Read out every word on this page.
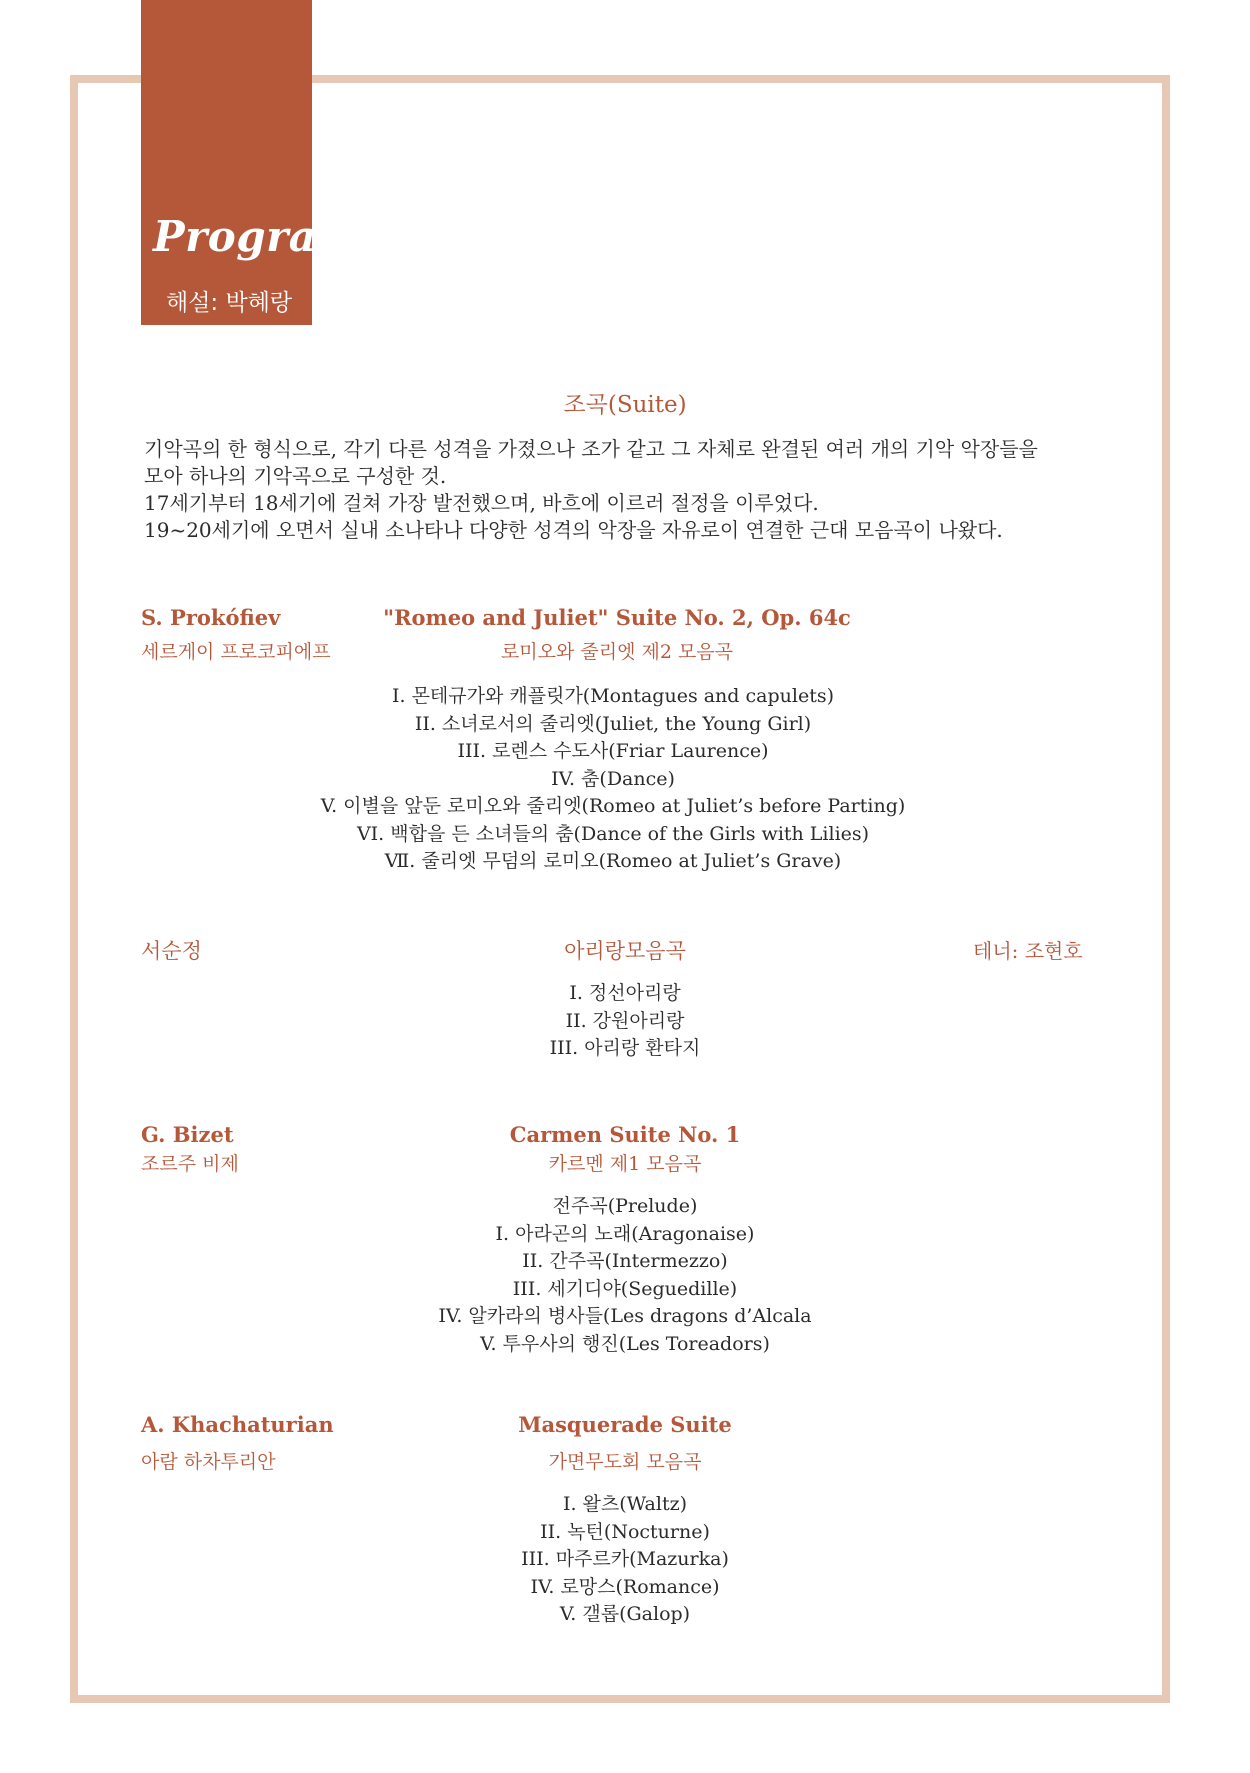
Program
해설: 박혜랑
조곡(Suite)

기악곡의 한 형식으로, 각기 다른 성격을 가졌으나 조가 같고 그 자체로 완결된 여러 개의 기악 악장들을

모아 하나의 기악곡으로 구성한 것.

17세기부터 18세기에 걸쳐 가장 발전했으며, 바흐에 이르러 절정을 이루었다.

19~20세기에 오면서 실내 소나타나 다양한 성격의 악장을 자유로이 연결한 근대 모음곡이 나왔다.

S. Prokófiev
세르게이 프로코피에프
"Romeo and Juliet" Suite No. 2, Op. 64c
로미오와 줄리엣 제2 모음곡
I. 몬테규가와 캐플릿가(Montagues and capulets)
II. 소녀로서의 줄리엣(Juliet, the Young Girl)
III. 로렌스 수도사(Friar Laurence)
IV. 춤(Dance)
V. 이별을 앞둔 로미오와 줄리엣(Romeo at Juliet’s before Parting)
VI. 백합을 든 소녀들의 춤(Dance of the Girls with Lilies)
Ⅶ. 줄리엣 무덤의 로미오(Romeo at Juliet’s Grave)
서순정	아리랑모음곡	테너: 조현호
I. 정선아리랑
II. 강원아리랑
III. 아리랑 환타지
G. Bizet
조르주 비제
Carmen Suite No. 1
카르멘 제1 모음곡
전주곡(Prelude)
I. 아라곤의 노래(Aragonaise)
II. 간주곡(Intermezzo)
III. 세기디야(Seguedille)
IV. 알카라의 병사들(Les dragons d’Alcala
V. 투우사의 행진(Les Toreadors)
A. Khachaturian
아람 하차투리안
Masquerade Suite
가면무도회 모음곡
I. 왈츠(Waltz)
II. 녹턴(Nocturne)
III. 마주르카(Mazurka)
IV. 로망스(Romance)
V. 갤롭(Galop)
